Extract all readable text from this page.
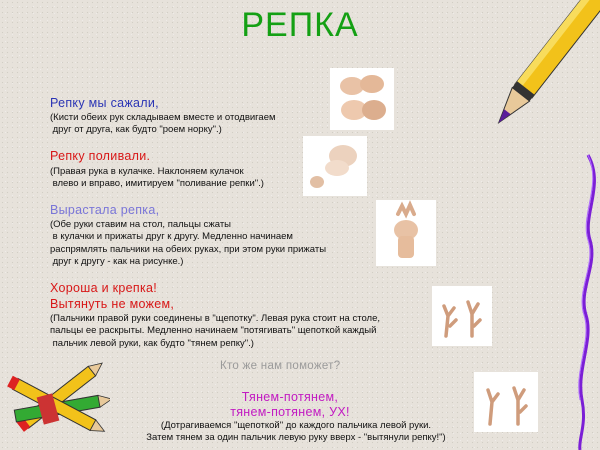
РЕПКА
Репку мы сажали,
(Кисти обеих рук складываем вместе и отодвигаем
друг от друга, как будто "роем норку".)
Репку поливали.
(Правая рука в кулачке. Наклоняем кулачок
влево и вправо, имитируем "поливание репки".)
Вырастала репка,
(Обе руки ставим на стол, пальцы сжаты
в кулачки и прижаты друг к другу. Медленно начинаем
распрямлять пальчики на обеих руках, при этом руки прижаты
друг к другу - как на рисунке.)
Хороша и крепка!
Вытянуть не можем,
(Пальчики правой руки соединены в "щепотку". Левая рука стоит на столе,
пальцы ее раскрыты. Медленно начинаем "потягивать" щепоткой каждый
пальчик левой руки, как будто "тянем репку".)
Кто же нам поможет?
Тянем-потянем,
тянем-потянем, УХ!
(Дотрагиваемся "щепоткой" до каждого пальчика левой руки.
Затем тянем за один пальчик левую руку вверх - "вытянули репку!")
